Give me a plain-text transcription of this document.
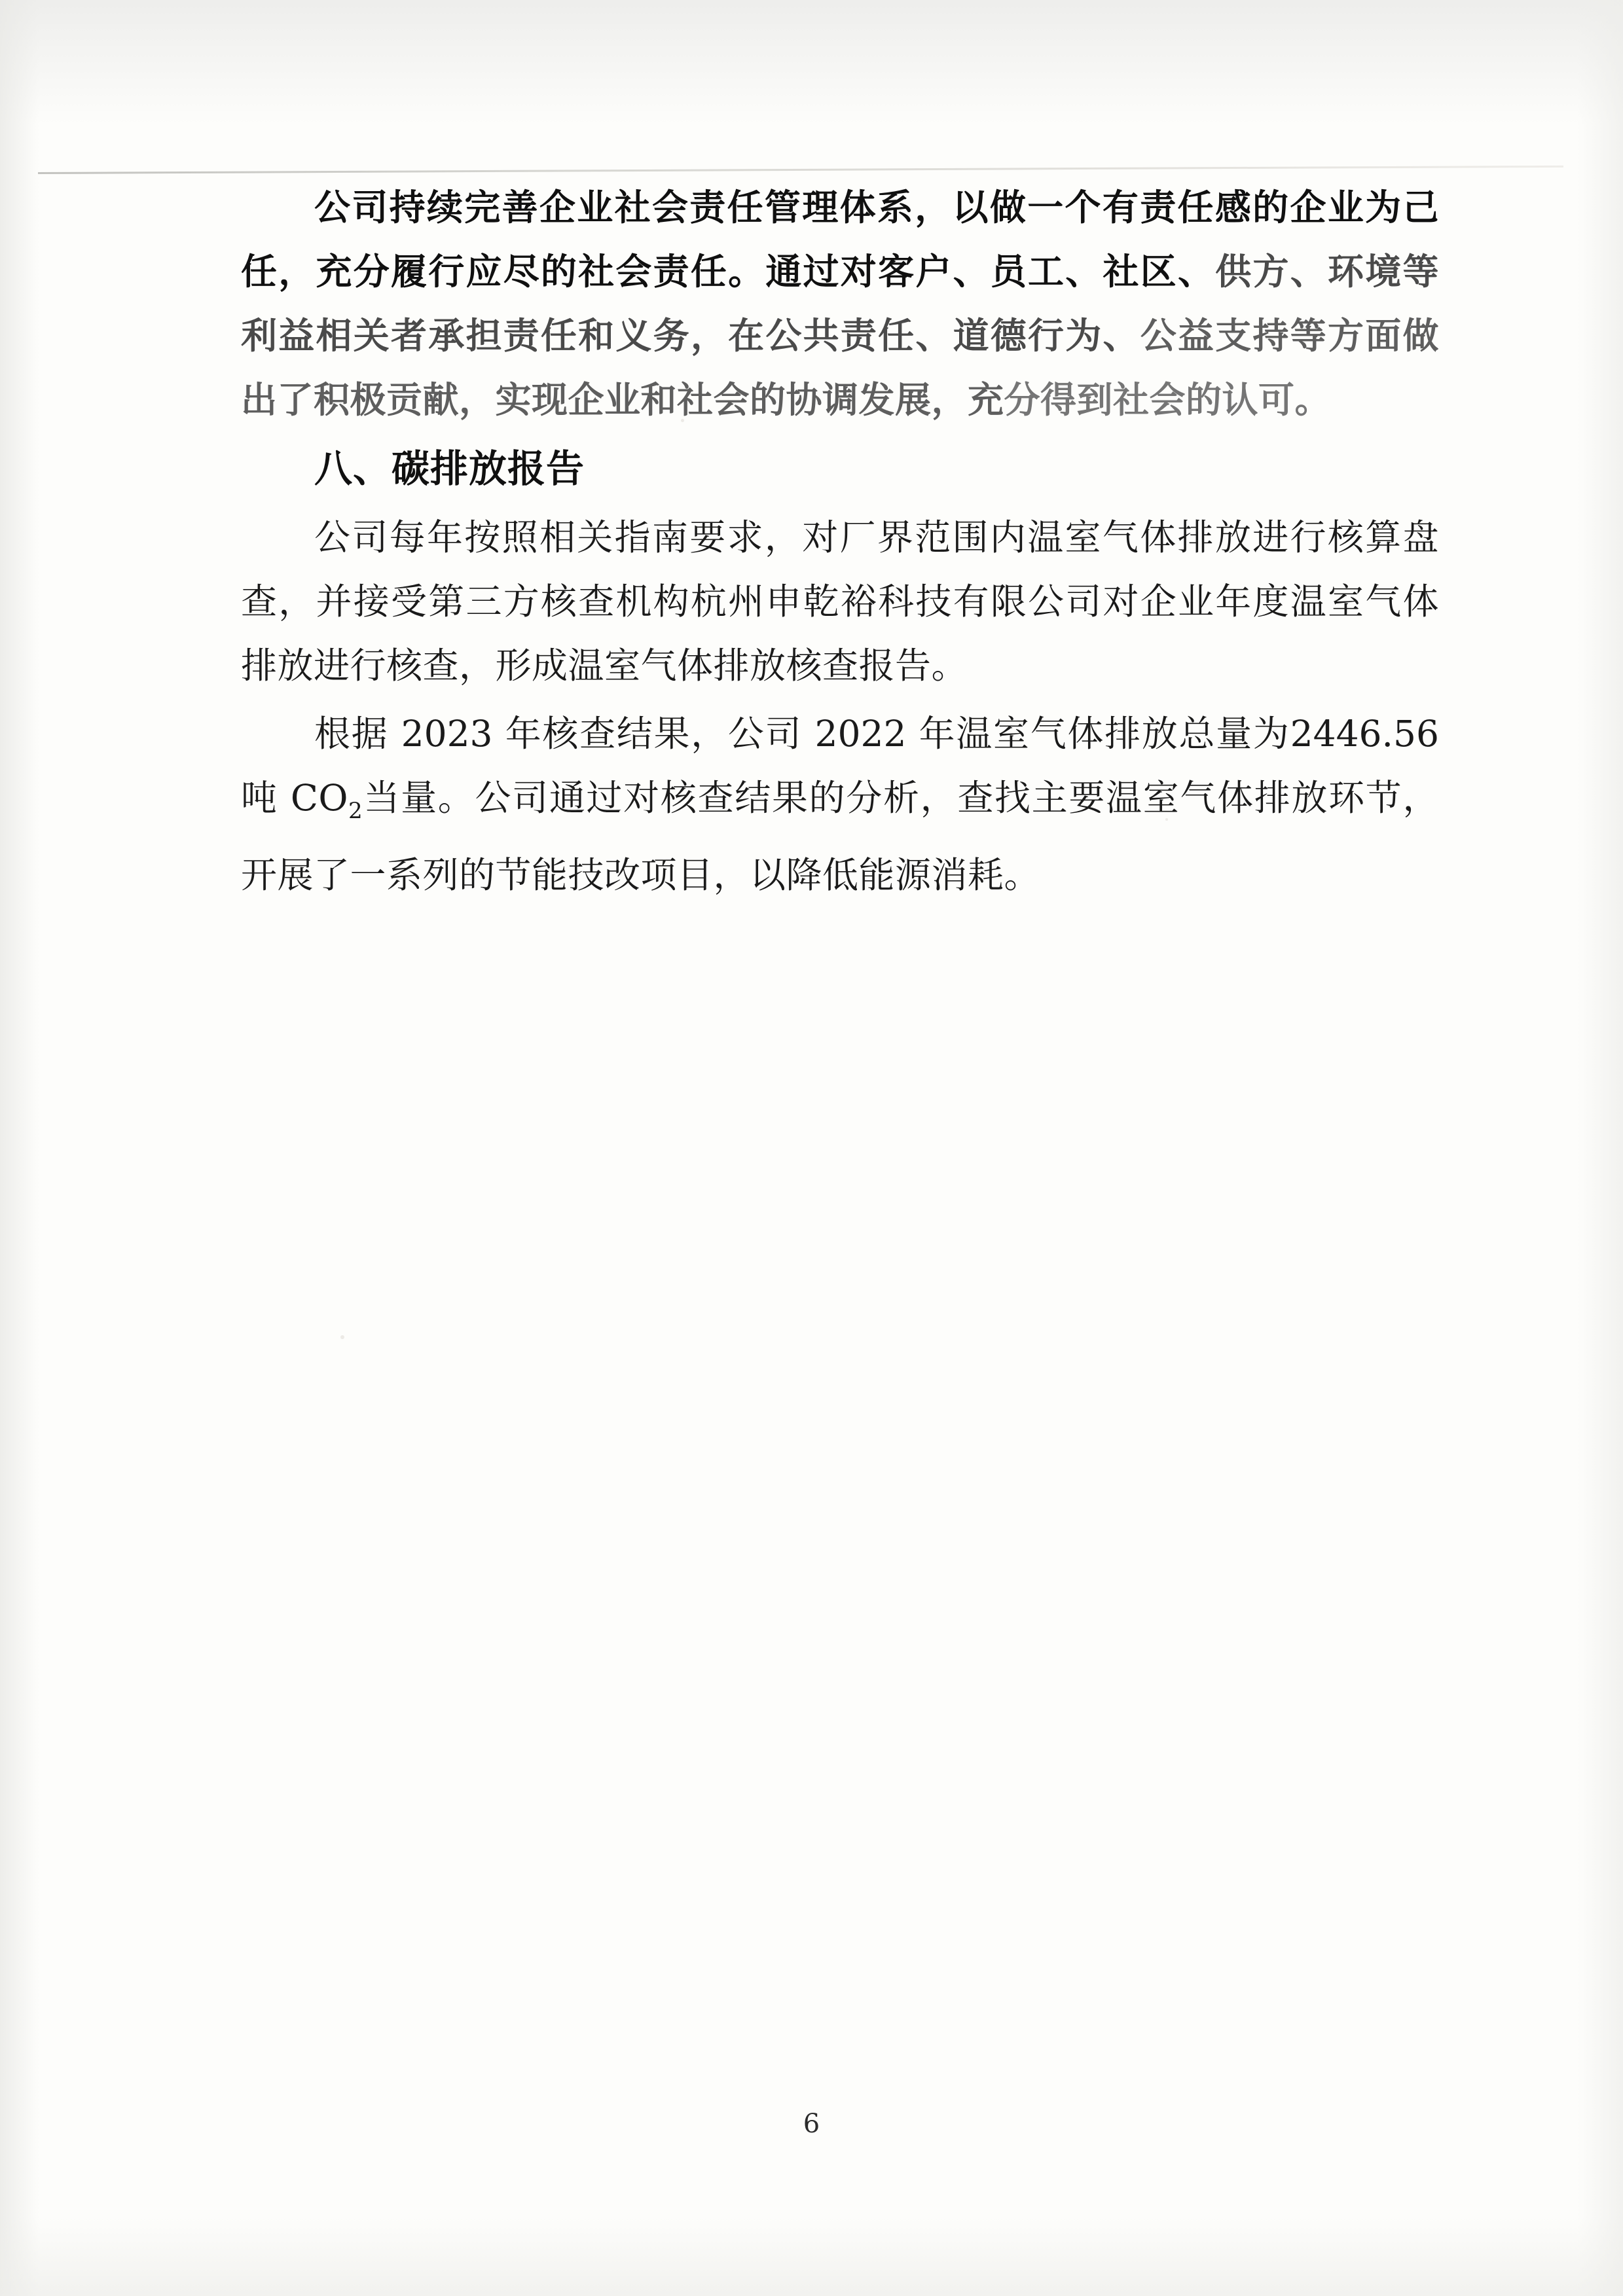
公司持续完善企业社会责任管理体系，以做一个有责任感的企业为己任，充分履行应尽的社会责任。通过对客户、员工、社区、供方、环境等利益相关者承担责任和义务，在公共责任、道德行为、公益支持等方面做出了积极贡献，实现企业和社会的协调发展，充分得到社会的认可。

八、碳排放报告

公司每年按照相关指南要求，对厂界范围内温室气体排放进行核算盘查，并接受第三方核查机构杭州申乾裕科技有限公司对企业年度温室气体排放进行核查，形成温室气体排放核查报告。

根据 2023 年核查结果，公司 2022 年温室气体排放总量为2446.56 吨 $CO_2$当量。公司通过对核查结果的分析，查找主要温室气体排放环节，开展了一系列的节能技改项目，以降低能源消耗。

6
